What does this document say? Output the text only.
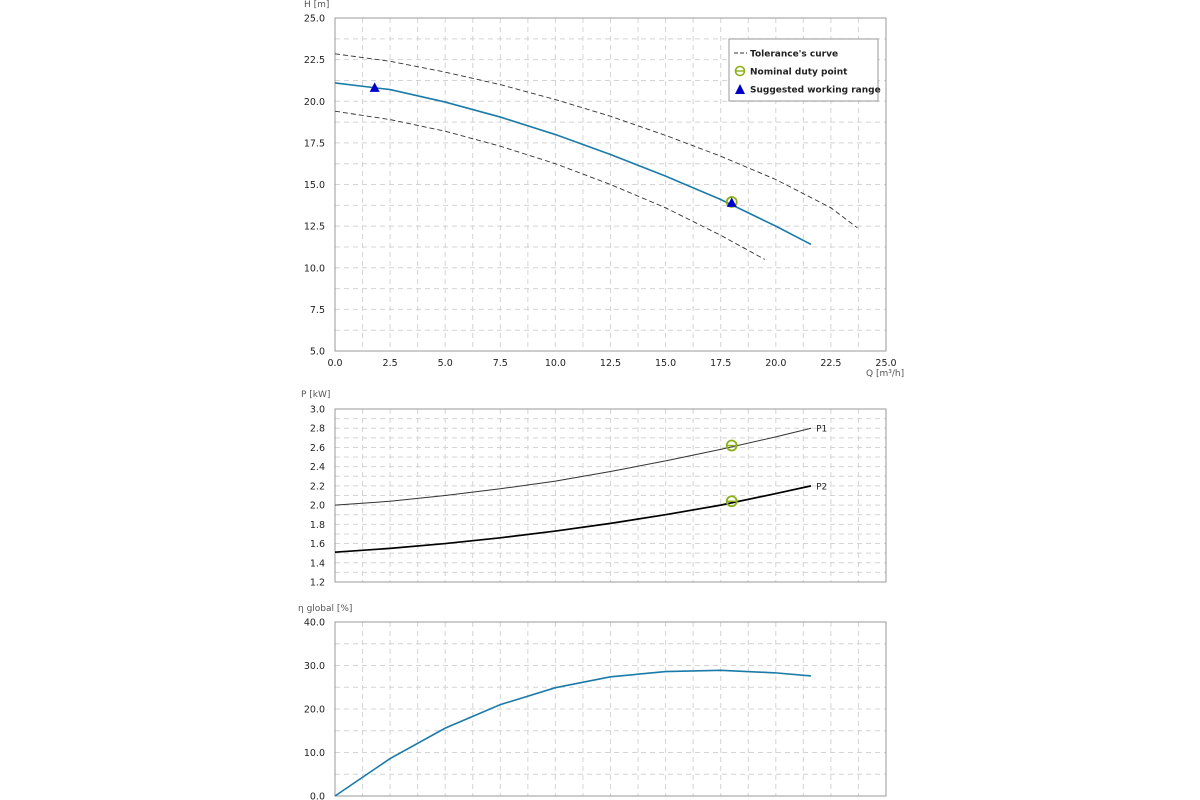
H [m]
Q [m³/h]
5.0
7.5
10.0
12.5
15.0
17.5
20.0
22.5
25.0
0.0	2.5	5.0	7.5	10.0	12.5	15.0	17.5	20.0	22.5	25.0
Tolerance's curve
Nominal duty point
Suggested working range
P [kW]
1.2
1.4
1.6
1.8
2.0
2.2
2.4
2.6
2.8
3.0
P1
P2
η global [%]
0.0
10.0
20.0
30.0
40.0
